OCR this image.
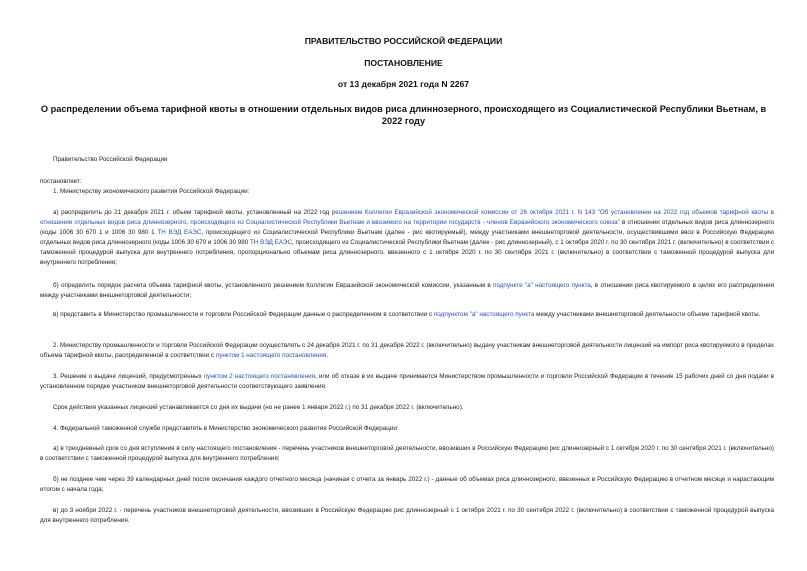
ПРАВИТЕЛЬСТВО РОССИЙСКОЙ ФЕДЕРАЦИИ
ПОСТАНОВЛЕНИЕ
от 13 декабря 2021 года N 2267
О распределении объема тарифной квоты в отношении отдельных видов риса длиннозерного, происходящего из Социалистической Республики Вьетнам, в 2022 году
Правительство Российской Федерации
постановляет:
1. Министерству экономического развития Российской Федерации:
а) распределить до 21 декабря 2021 г. объем тарифной квоты, установленный на 2022 год решением Коллегии Евразийской экономической комиссии от 26 октября 2021 г. N 143 "Об установлении на 2022 год объемов тарифной квоты в отношении отдельных видов риса длиннозерного, происходящего из Социалистической Республики Вьетнам и ввозимого на территории государств - членов Евразийского экономического союза" в отношении отдельных видов риса длиннозерного (коды 1006 30 670 1 и 1006 30 980 1 ТН ВЭД ЕАЭС, происходящего из Социалистической Республики Вьетнам (далее - рис квотируемый), между участниками внешнеторговой деятельности, осуществившими ввоз в Российскую Федерацию отдельных видов риса длиннозерного (коды 1006 30 670 и 1006 30 980 ТН ВЭД ЕАЭС, происходящего из Социалистической Республики Вьетнам (далее - рис длиннозерный), с 1 октября 2020 г. по 30 сентября 2021 г. (включительно) в соответствии с таможенной процедурой выпуска для внутреннего потребления, пропорционально объемам риса длиннозерного, ввезенного с 1 октября 2020 г. по 30 сентября 2021 г. (включительно) в соответствии с таможенной процедурой выпуска для внутреннего потребления;
б) определить порядок расчета объема тарифной квоты, установленного решением Коллегии Евразийской экономической комиссии, указанным в подпункте "а" настоящего пункта, в отношении риса квотируемого в целях его распределения между участниками внешнеторговой деятельности;
в) представить в Министерство промышленности и торговли Российской Федерации данные о распределенном в соответствии с подпунктом "а" настоящего пункта между участниками внешнеторговой деятельности объеме тарифной квоты.
2. Министерству промышленности и торговли Российской Федерации осуществлять с 24 декабря 2021 г. по 31 декабря 2022 г. (включительно) выдачу участникам внешнеторговой деятельности лицензий на импорт риса квотируемого в пределах объема тарифной квоты, распределенной в соответствии с пунктом 1 настоящего постановления.
3. Решение о выдаче лицензий, предусмотренных пунктом 2 настоящего постановления, или об отказе в их выдаче принимается Министерством промышленности и торговли Российской Федерации в течение 15 рабочих дней со дня подачи в установленном порядке участником внешнеторговой деятельности соответствующего заявления.
Срок действия указанных лицензий устанавливается со дня их выдачи (но не ранее 1 января 2022 г.) по 31 декабря 2022 г. (включительно).
4. Федеральной таможенной службе представлять в Министерство экономического развития Российской Федерации:
а) в трехдневный срок со дня вступления в силу настоящего постановления - перечень участников внешнеторговой деятельности, ввозивших в Российскую Федерацию рис длиннозерный с 1 октября 2020 г. по 30 сентября 2021 г. (включительно) в соответствии с таможенной процедурой выпуска для внутреннего потребления;
б) не позднее чем через 39 календарных дней после окончания каждого отчетного месяца (начиная с отчета за январь 2022 г.) - данные об объемах риса длиннозерного, ввезенных в Российскую Федерацию в отчетном месяце и нарастающим итогом с начала года;
в) до 3 ноября 2022 г. - перечень участников внешнеторговой деятельности, ввозивших в Российскую Федерацию рис длиннозерный с 1 октября 2021 г. по 30 сентября 2022 г. (включительно) в соответствии с таможенной процедурой выпуска для внутреннего потребления.
